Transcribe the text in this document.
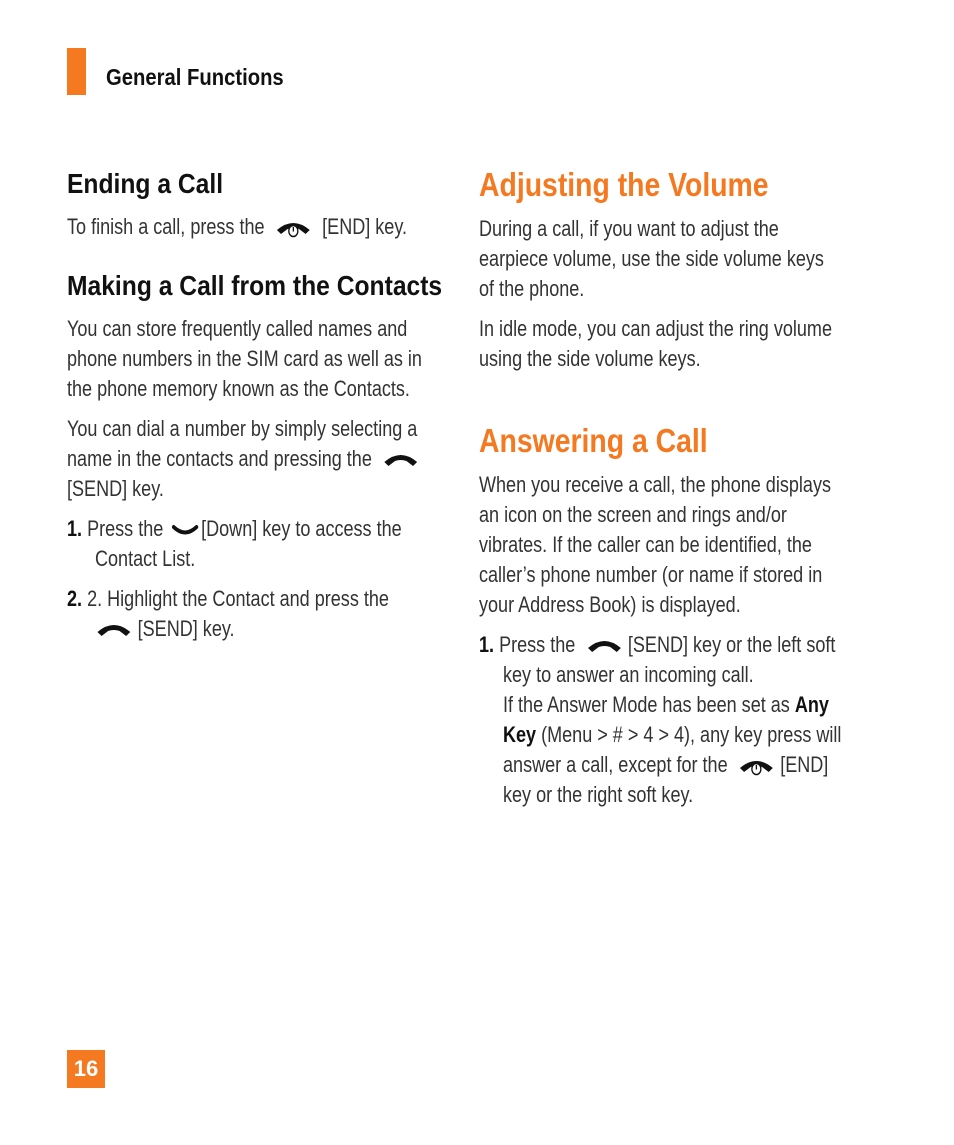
General Functions
Ending a Call
To finish a call, press the	[END] key.
Making a Call from the Contacts
You can store frequently called names and
phone numbers in the SIM card as well as in
the phone memory known as the Contacts.
You can dial a number by simply selecting a
name in the contacts and pressing the
[SEND] key.
1. Press the [Down] key to access the
Contact List.
2. 2. Highlight the Contact and press the
[SEND] key.
Adjusting the Volume
During a call, if you want to adjust the
earpiece volume, use the side volume keys
of the phone.
In idle mode, you can adjust the ring volume
using the side volume keys.
Answering a Call
When you receive a call, the phone displays
an icon on the screen and rings and/or
vibrates. If the caller can be identified, the
caller’s phone number (or name if stored in
your Address Book) is displayed.
1. Press the [SEND] key or the left soft
key to answer an incoming call.
If the Answer Mode has been set as Any
Key (Menu > # > 4 > 4), any key press will
answer a call, except for the [END]
key or the right soft key.
16
